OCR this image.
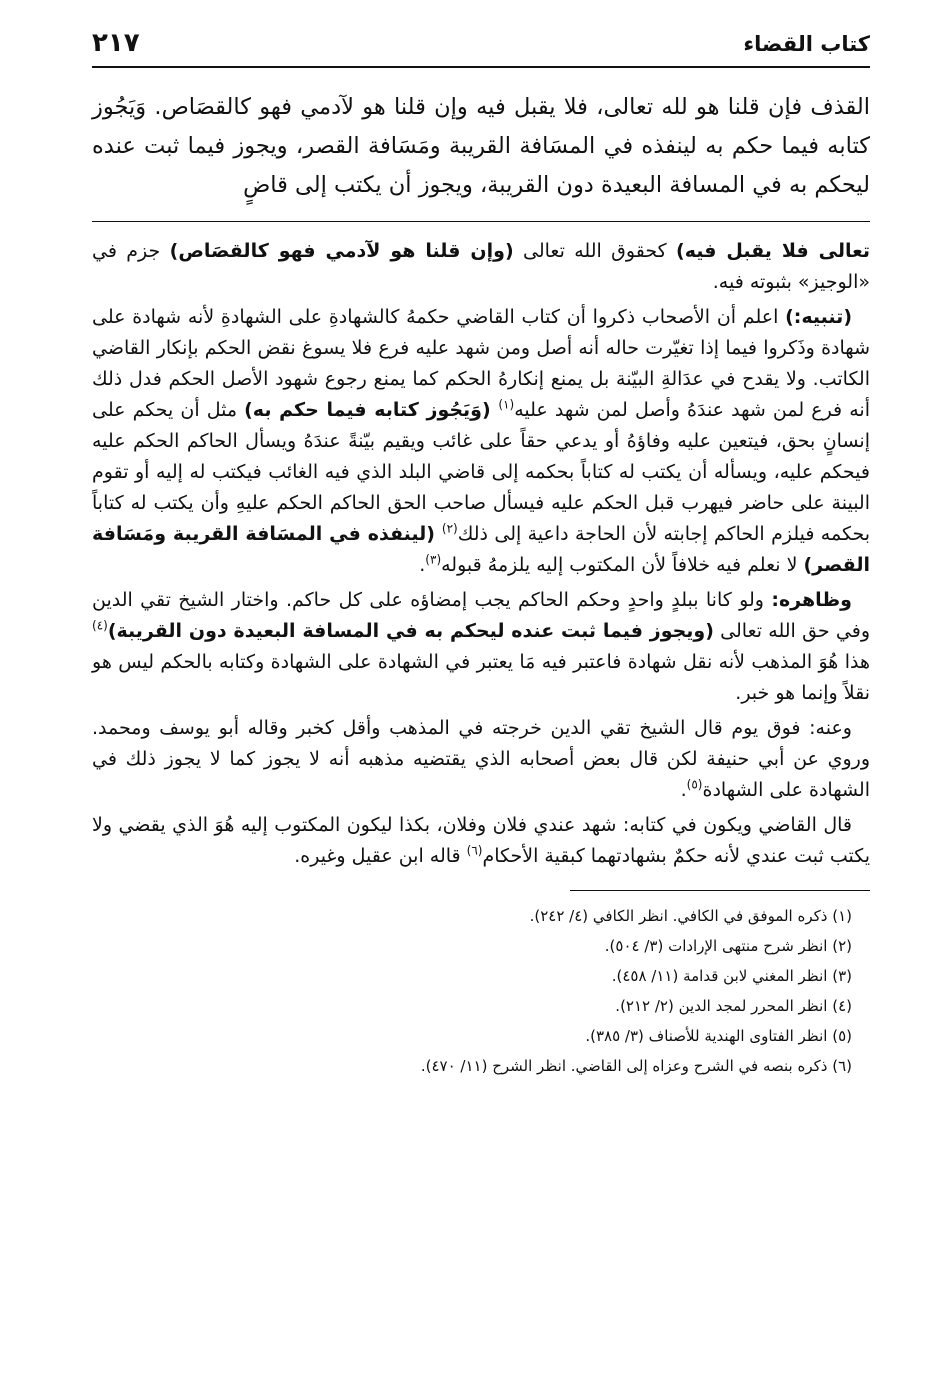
كتاب القضاء
٢١٧
القذف فإن قلنا هو لله تعالى، فلا يقبل فيه وإن قلنا هو لآدمي فهو كالقصَاص. وَيَجُوز كتابه فيما حكم به لينفذه في المسَافة القريبة ومَسَافة القصر، ويجوز فيما ثبت عنده ليحكم به في المسافة البعيدة دون القريبة، ويجوز أن يكتب إلى قاضٍ

تعالى فلا يقبل فيه) كحقوق الله تعالى (وإن قلنا هو لآدمي فهو كالقصَاص) جزم في «الوجيز» بثبوته فيه.

(تنبيه:) اعلم أن الأصحاب ذكروا أن كتاب القاضي حكمهُ كالشهادةِ على الشهادةِ لأنه شهادة على شهادة وذَكروا فيما إذا تغيّرت حاله أنه أصل ومن شهد عليه فرع فلا يسوغ نقض الحكم بإنكار القاضي الكاتب. ولا يقدح في عدَالةِ البيّنة بل يمنع إنكارهُ الحكم كما يمنع رجوع شهود الأصل الحكم فدل ذلك أنه فرع لمن شهد عندَهُ وأصل لمن شهد عليه$^{(١)}$ (وَيَجُوز كتابه فيما حكم به) مثل أن يحكم على إنسانٍ بحق، فيتعين عليه وفاؤهُ أو يدعي حقاً على غائب ويقيم بيّنةً عندَهُ ويسأل الحاكم الحكم عليه فيحكم عليه، ويسأله أن يكتب له كتاباً بحكمه إلى قاضي البلد الذي فيه الغائب فيكتب له إليه أو تقوم البينة على حاضر فيهرب قبل الحكم عليه فيسأل صاحب الحق الحاكم الحكم عليهِ وأن يكتب له كتاباً بحكمه فيلزم الحاكم إجابته لأن الحاجة داعية إلى ذلك$^{(٢)}$ (لينفذه في المسَافة القريبة ومَسَافة القصر) لا نعلم فيه خلافاً لأن المكتوب إليه يلزمهُ قبوله$^{(٣)}$.

وظاهره: ولو كانا ببلدٍ واحدٍ وحكم الحاكم يجب إمضاؤه على كل حاكم. واختار الشيخ تقي الدين وفي حق الله تعالى (ويجوز فيما ثبت عنده ليحكم به في المسافة البعيدة دون القريبة)$^{(٤)}$ هذا هُوَ المذهب لأنه نقل شهادة فاعتبر فيه مَا يعتبر في الشهادة على الشهادة وكتابه بالحكم ليس هو نقلاً وإنما هو خبر.

وعنه: فوق يوم قال الشيخ تقي الدين خرجته في المذهب وأقل كخبر وقاله أبو يوسف ومحمد. وروي عن أبي حنيفة لكن قال بعض أصحابه الذي يقتضيه مذهبه أنه لا يجوز كما لا يجوز ذلك في الشهادة على الشهادة$^{(٥)}$.

قال القاضي ويكون في كتابه: شهد عندي فلان وفلان، بكذا ليكون المكتوب إليه هُوَ الذي يقضي ولا يكتب ثبت عندي لأنه حكمٌ بشهادتهما كبقية الأحكام$^{(٦)}$ قاله ابن عقيل وغيره.

(١) ذكره الموفق في الكافي. انظر الكافي (٤/ ٢٤٢).
(٢) انظر شرح منتهى الإرادات (٣/ ٥٠٤).
(٣) انظر المغني لابن قدامة (١١/ ٤٥٨).
(٤) انظر المحرر لمجد الدين (٢/ ٢١٢).
(٥) انظر الفتاوى الهندية للأصناف (٣/ ٣٨٥).
(٦) ذكره بنصه في الشرح وعزاه إلى القاضي. انظر الشرح (١١/ ٤٧٠).
